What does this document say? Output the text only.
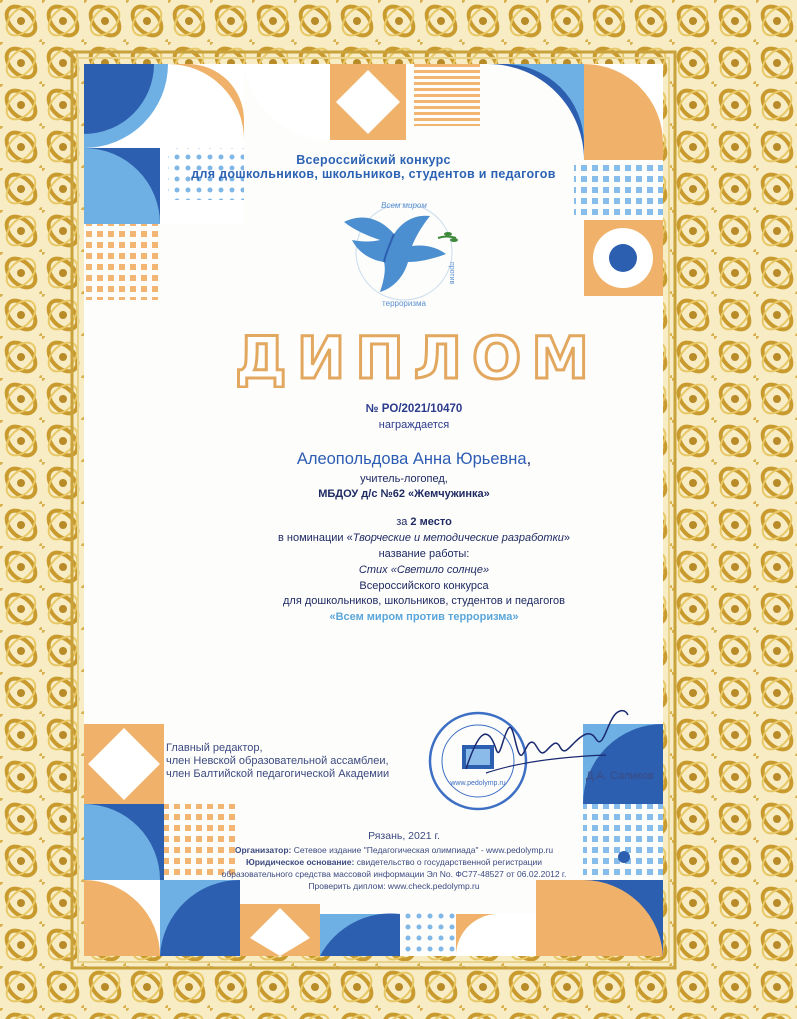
Всероссийский конкурс
для дошкольников, школьников, студентов и педагогов
Всем миром
против
терроризма
ДИПЛОМ
№ PO/2021/10470
награждается
Алеопольдова Анна Юрьевна,
учитель-логопед,
МБДОУ д/с №62 «Жемчужинка»
за 2 место
в номинации «Творческие и методические разработки»
название работы:
Стих «Светило солнце»
Всероссийского конкурса
для дошкольников, школьников, студентов и педагогов
«Всем миром против терроризма»
Главный редактор,
член Невской образовательной ассамблеи,
член Балтийской педагогической Академии
www.pedolymp.ru
Д.А. Саликов
Рязань, 2021 г.
Организатор: Сетевое издание "Педагогическая олимпиада" - www.pedolymp.ru
Юридическое основание: свидетельство о государственной регистрации
образовательного средства массовой информации Эл No. ФС77-48527 от 06.02.2012 г.
Проверить диплом: www.check.pedolymp.ru
